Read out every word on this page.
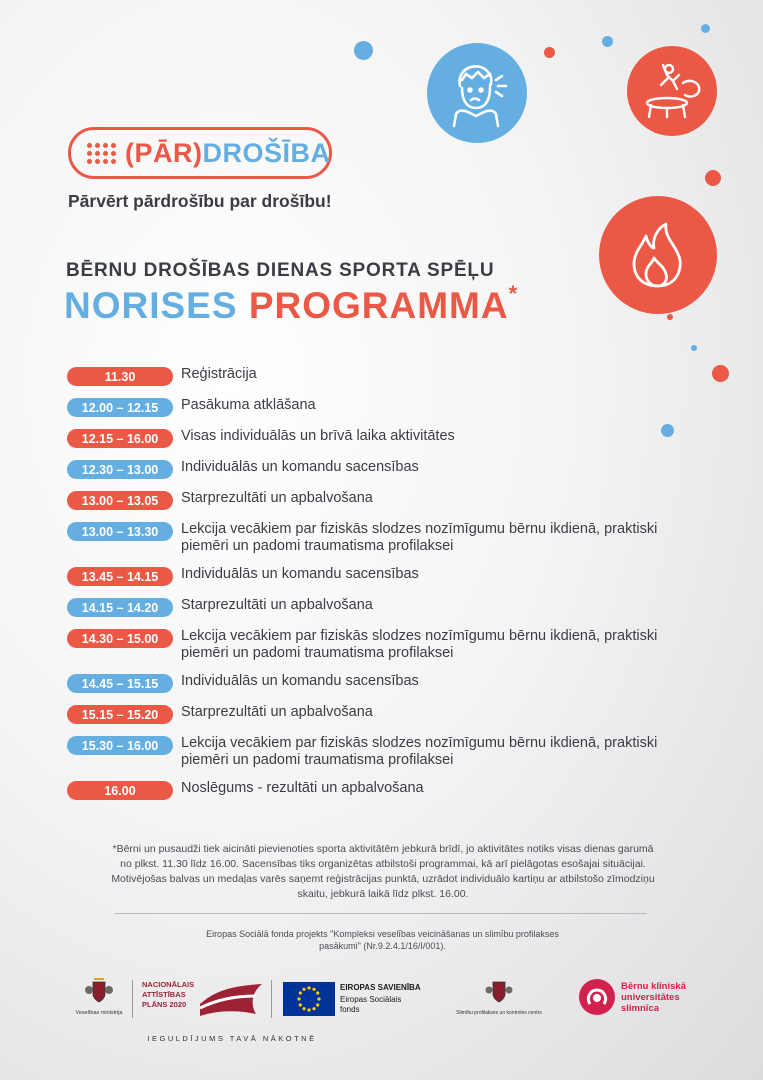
(PĀR)DROŠĪBA
Pārvērt pārdrošību par drošību!
BĒRNU DROŠĪBAS DIENAS SPORTA SPĒĻU
NORISES PROGRAMMA*
11.30	Reģistrācija
12.00 – 12.15	Pasākuma atklāšana
12.15 – 16.00	Visas individuālās un brīvā laika aktivitātes
12.30 – 13.00	Individuālās un komandu sacensības
13.00 – 13.05	Starprezultāti un apbalvošana
13.00 – 13.30	Lekcija vecākiem par fiziskās slodzes nozīmīgumu bērnu ikdienā, praktiski piemēri un padomi traumatisma profilaksei
13.45 – 14.15	Individuālās un komandu sacensības
14.15 – 14.20	Starprezultāti un apbalvošana
14.30 – 15.00	Lekcija vecākiem par fiziskās slodzes nozīmīgumu bērnu ikdienā, praktiski piemēri un padomi traumatisma profilaksei
14.45 – 15.15	Individuālās un komandu sacensības
15.15 – 15.20	Starprezultāti un apbalvošana
15.30 – 16.00	Lekcija vecākiem par fiziskās slodzes nozīmīgumu bērnu ikdienā, praktiski piemēri un padomi traumatisma profilaksei
16.00	Noslēgums - rezultāti un apbalvošana
*Bērni un pusaudži tiek aicināti pievienoties sporta aktivitātēm jebkurā brīdī, jo aktivitātes notiks visas dienas garumā no plkst. 11.30 līdz 16.00. Sacensības tiks organizētas atbilstoši programmai, kā arī pielāgotas esošajai situācijai. Motivējošas balvas un medaļas varēs saņemt reģistrācijas punktā, uzrādot individuālo kartiņu ar atbilstošo zīmodziņu skaitu, jebkurā laikā līdz plkst. 16.00.
Eiropas Sociālā fonda projekts "Kompleksi veselības veicināšanas un slimību profilakses pasākumi" (Nr.9.2.4.1/16/I/001).
Veselības ministrija
NACIONĀLAIS
ATTĪSTĪBAS
PLĀNS 2020
EIROPAS SAVIENĪBA
Eiropas Sociālais
fonds	Slimību profilakses un kontroles centrs
Bērnu klīniskā
universitātes
slimnīca
IEGULDĪJUMS TAVĀ NĀKOTNĒ
